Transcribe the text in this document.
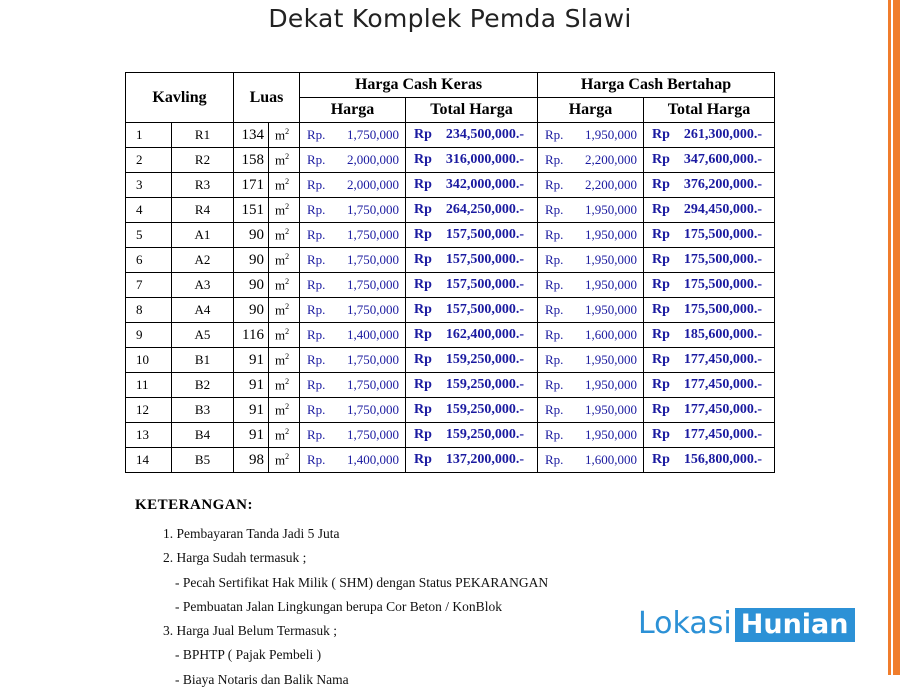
Dekat Komplek Pemda Slawi
Kavling		Luas		Harga Cash Keras		Harga Cash Bertahap	
				Harga	Total Harga	Harga	Total Harga
1	R1	134	$m^2$	Rp. 1,750,000	Rp 234,500,000.-	Rp. 1,950,000	Rp 261,300,000.-
2	R2	158	$m^2$	Rp. 2,000,000	Rp 316,000,000.-	Rp. 2,200,000	Rp 347,600,000.-
3	R3	171	$m^2$	Rp. 2,000,000	Rp 342,000,000.-	Rp. 2,200,000	Rp 376,200,000.-
4	R4	151	$m^2$	Rp. 1,750,000	Rp 264,250,000.-	Rp. 1,950,000	Rp 294,450,000.-
5	A1	90	$m^2$	Rp. 1,750,000	Rp 157,500,000.-	Rp. 1,950,000	Rp 175,500,000.-
6	A2	90	$m^2$	Rp. 1,750,000	Rp 157,500,000.-	Rp. 1,950,000	Rp 175,500,000.-
7	A3	90	$m^2$	Rp. 1,750,000	Rp 157,500,000.-	Rp. 1,950,000	Rp 175,500,000.-
8	A4	90	$m^2$	Rp. 1,750,000	Rp 157,500,000.-	Rp. 1,950,000	Rp 175,500,000.-
9	A5	116	$m^2$	Rp. 1,400,000	Rp 162,400,000.-	Rp. 1,600,000	Rp 185,600,000.-
10	B1	91	$m^2$	Rp. 1,750,000	Rp 159,250,000.-	Rp. 1,950,000	Rp 177,450,000.-
11	B2	91	$m^2$	Rp. 1,750,000	Rp 159,250,000.-	Rp. 1,950,000	Rp 177,450,000.-
12	B3	91	$m^2$	Rp. 1,750,000	Rp 159,250,000.-	Rp. 1,950,000	Rp 177,450,000.-
13	B4	91	$m^2$	Rp. 1,750,000	Rp 159,250,000.-	Rp. 1,950,000	Rp 177,450,000.-
14	B5	98	$m^2$	Rp. 1,400,000	Rp 137,200,000.-	Rp. 1,600,000	Rp 156,800,000.-
KETERANGAN:
1. Pembayaran Tanda Jadi 5 Juta
2. Harga Sudah termasuk ;
- Pecah Sertifikat Hak Milik ( SHM) dengan Status PEKARANGAN
- Pembuatan Jalan Lingkungan berupa Cor Beton / KonBlok
3. Harga Jual Belum Termasuk ;
- BPHTP ( Pajak Pembeli )
- Biaya Notaris dan Balik Nama
Lokasi Hunian
